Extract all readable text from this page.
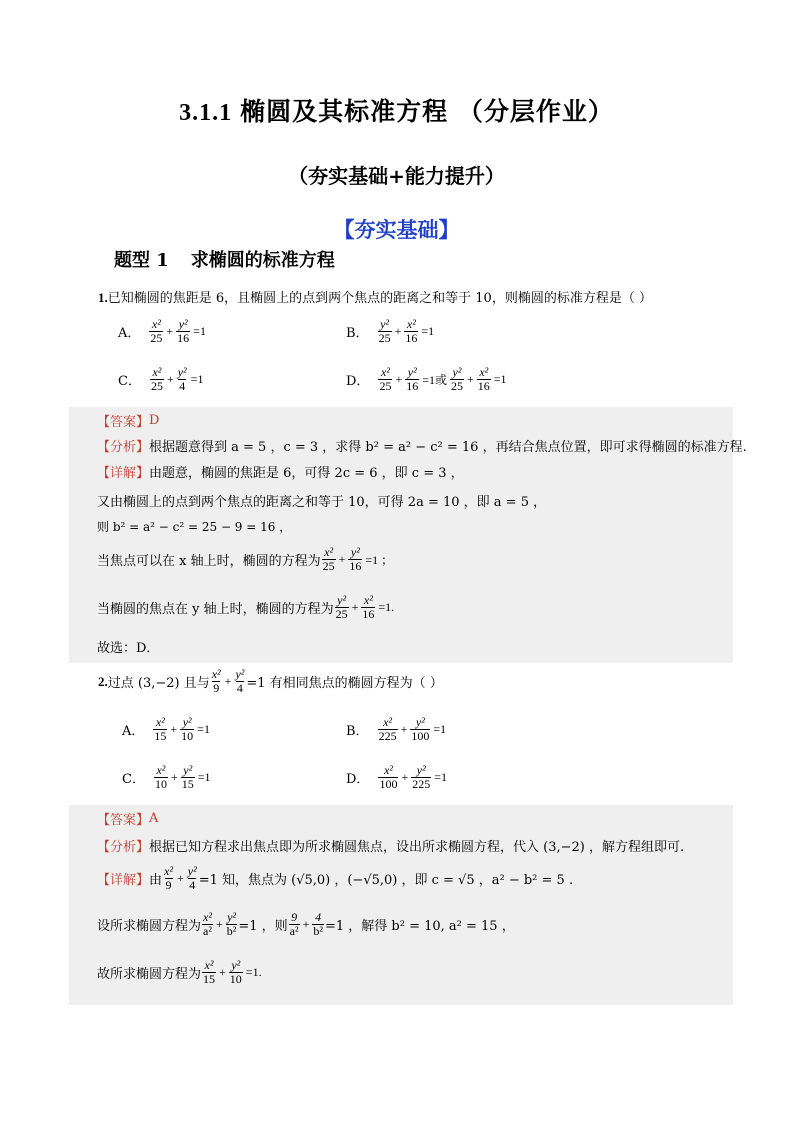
3.1.1 椭圆及其标准方程 （分层作业）
（夯实基础+能力提升）
【夯实基础】
题型 1 求椭圆的标准方程
1.已知椭圆的焦距是 6，且椭圆上的点到两个焦点的距离之和等于 10，则椭圆的标准方程是（ ）
A． $\frac{\text{x²}}{25} + \frac{\text{y²}}{16} =1$	B． $\frac{\text{y²}}{25} + \frac{\text{x²}}{16} =1$
C． $\frac{\text{x²}}{25} + \frac{\text{y²}}{4} =1$	D． $\frac{\text{x²}}{25} + \frac{\text{y²}}{16} =1$或 $\frac{\text{y²}}{25} + \frac{\text{x²}}{16} =1$
【答案】 D
【分析】 根据题意得到 a = 5 ，c = 3 ，求得 b² = a² − c² = 16 ，再结合焦点位置，即可求得椭圆的标准方程.
【详解】 由题意，椭圆的焦距是 6，可得 2c = 6 ，即 c = 3 ，
又由椭圆上的点到两个焦点的距离之和等于 10，可得 2a = 10 ，即 a = 5 ，
则 b² = a² − c² = 25 − 9 = 16 ，
当焦点可以在 x 轴上时，椭圆的方程为 $\frac{\text{x²}}{25} + \frac{\text{y²}}{16} =1$ ；
当椭圆的焦点在 y 轴上时，椭圆的方程为 $\frac{\text{y²}}{25} + \frac{\text{x²}}{16} =1$.
故选：D．
2. 过点 (3,−2) 且与 $\frac{\text{x²}}{9} + \frac{\text{y²}}{4} =1$ 有相同焦点的椭圆方程为（ ）
A． $\frac{\text{x²}}{15} + \frac{\text{y²}}{10} =1$	B． $\frac{\text{x²}}{225} + \frac{\text{y²}}{100} =1$
C． $\frac{\text{x²}}{10} + \frac{\text{y²}}{15} =1$	D． $\frac{\text{x²}}{100} + \frac{\text{y²}}{225} =1$
【答案】 A
【分析】 根据已知方程求出焦点即为所求椭圆焦点，设出所求椭圆方程，代入 (3,−2) ，解方程组即可.
【详解】 由 $\frac{\text{x²}}{9} + \frac{\text{y²}}{4} =1$ 知，焦点为 (√5,0) ，(−√5,0) ，即 c = √5 ，a² − b² = 5 .
设所求椭圆方程为 $\frac{\text{x²}}{\text{a²}} + \frac{\text{y²}}{\text{b²}} =1$ ，则 $\frac{9}{\text{a²}} + \frac{4}{\text{b²}} =1$ ，解得 b² = 10, a² = 15 ，
故所求椭圆方程为 $\frac{\text{x²}}{15} + \frac{\text{y²}}{10} =1$.
